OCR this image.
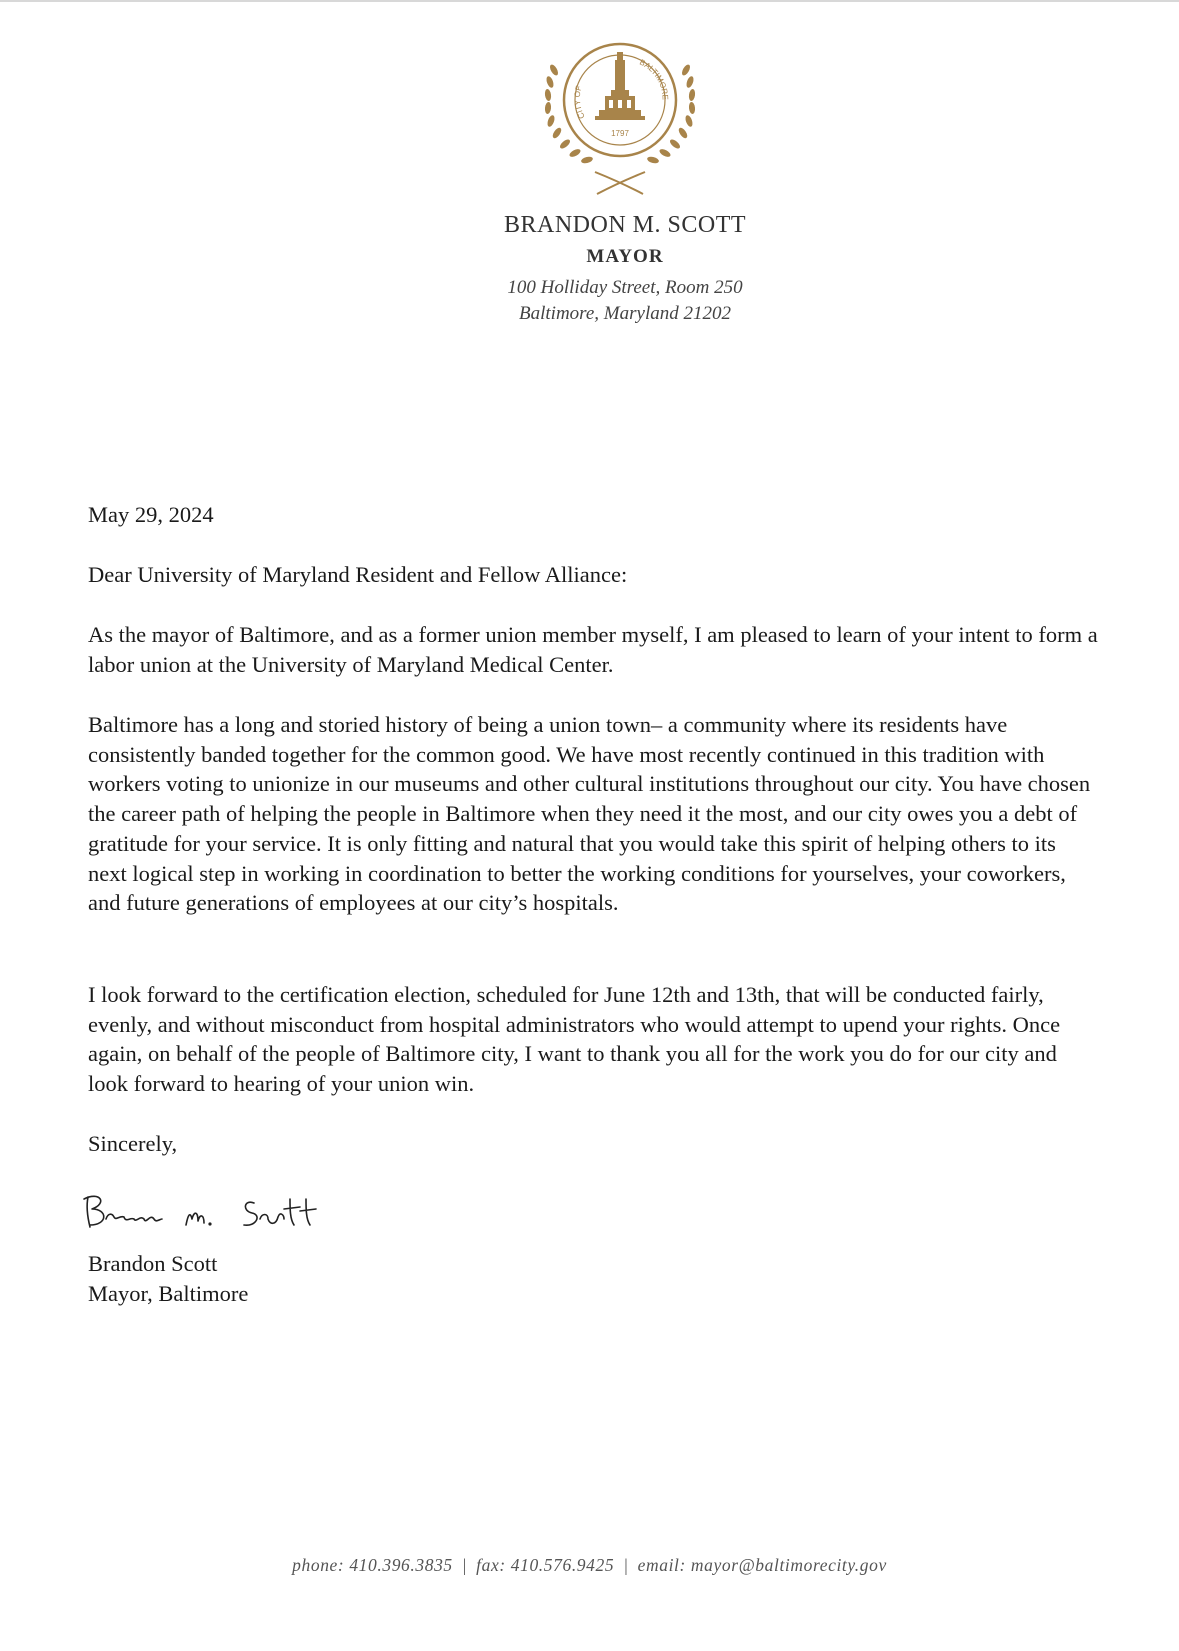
CITY OF
BALTIMORE
1797
BRANDON M. SCOTT
MAYOR
100 Holliday Street, Room 250
Baltimore, Maryland 21202
May 29, 2024
Dear University of Maryland Resident and Fellow Alliance:

As the mayor of Baltimore, and as a former union member myself, I am pleased to learn of your intent to form a labor union at the University of Maryland Medical Center.

Baltimore has a long and storied history of being a union town– a community where its residents have consistently banded together for the common good. We have most recently continued in this tradition with workers voting to unionize in our museums and other cultural institutions throughout our city. You have chosen the career path of helping the people in Baltimore when they need it the most, and our city owes you a debt of gratitude for your service. It is only fitting and natural that you would take this spirit of helping others to its next logical step in working in coordination to better the working conditions for yourselves, your coworkers, and future generations of employees at our city’s hospitals.

I look forward to the certification election, scheduled for June 12th and 13th, that will be conducted fairly, evenly, and without misconduct from hospital administrators who would attempt to upend your rights. Once again, on behalf of the people of Baltimore city, I want to thank you all for the work you do for our city and look forward to hearing of your union win.

Sincerely,
Brandon Scott
Mayor, Baltimore
phone: 410.396.3835 | fax: 410.576.9425 | email: mayor@baltimorecity.gov
